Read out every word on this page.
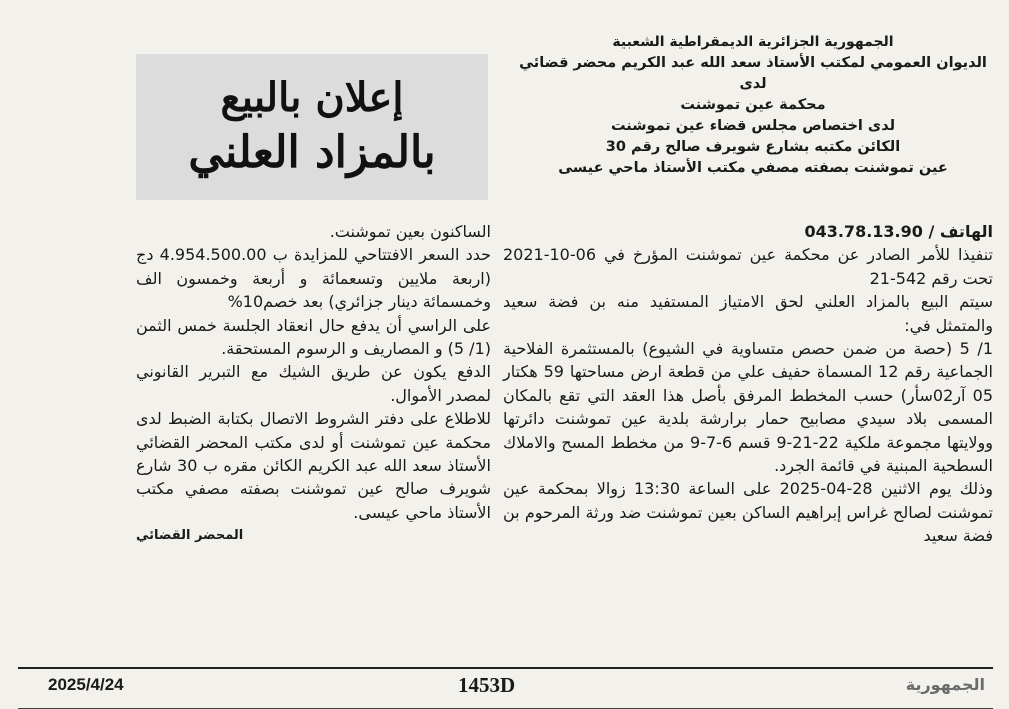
الجمهورية الجزائرية الديمقراطية الشعبية
الديوان العمومي لمكتب الأستاذ سعد الله عبد الكريم محضر قضائي لدى
محكمة عين تموشنت
لدى اختصاص مجلس قضاء عين تموشنت
الكائن مكتبه بشارع شويرف صالح رقم 30
عين تموشنت بصفته مصفي مكتب الأستاذ ماحي عيسى
إعلان بالبيع
بالمزاد العلني

الهاتف / 043.78.13.90

تنفيذا للأمر الصادر عن محكمة عين تموشنت المؤرخ في 06-10-2021 تحت رقم 542-21

سيتم البيع بالمزاد العلني لحق الامتياز المستفيد منه بن فضة سعيد والمتمثل في:

1/ 5 (حصة من ضمن حصص متساوية في الشيوع) بالمستثمرة الفلاحية الجماعية رقم 12 المسماة حفيف علي من قطعة ارض مساحتها 59 هكتار 05 آر02سأر) حسب المخطط المرفق بأصل هذا العقد التي تقع بالمكان المسمى بلاد سيدي مصابيح حمار برارشة بلدية عين تموشنت دائرتها وولايتها مجموعة ملكية 22-21-9 قسم 6-7-9 من مخطط المسح والاملاك السطحية المبنية في قائمة الجرد.

وذلك يوم الاثنين 28-04-2025 على الساعة 13:30 زوالا بمحكمة عين تموشنت لصالح غراس إبراهيم الساكن بعين تموشنت ضد ورثة المرحوم بن فضة سعيد

الساكنون بعين تموشنت.

حدد السعر الافتتاحي للمزايدة ب 4.954.500.00 دج (اربعة ملايين وتسعمائة و أربعة وخمسون الف وخمسمائة دينار جزائري) بعد خصم10%

على الراسي أن يدفع حال انعقاد الجلسة خمس الثمن (1/ 5) و المصاريف و الرسوم المستحقة.

الدفع يكون عن طريق الشيك مع التبرير القانوني لمصدر الأموال.

للاطلاع على دفتر الشروط الاتصال بكتابة الضبط لدى محكمة عين تموشنت أو لدى مكتب المحضر القضائي الأستاذ سعد الله عبد الكريم الكائن مقره ب 30 شارع شويرف صالح عين تموشنت بصفته مصفي مكتب الأستاذ ماحي عيسى.

المحضر القضائي

الجمهورية
1453D
2025/4/24
